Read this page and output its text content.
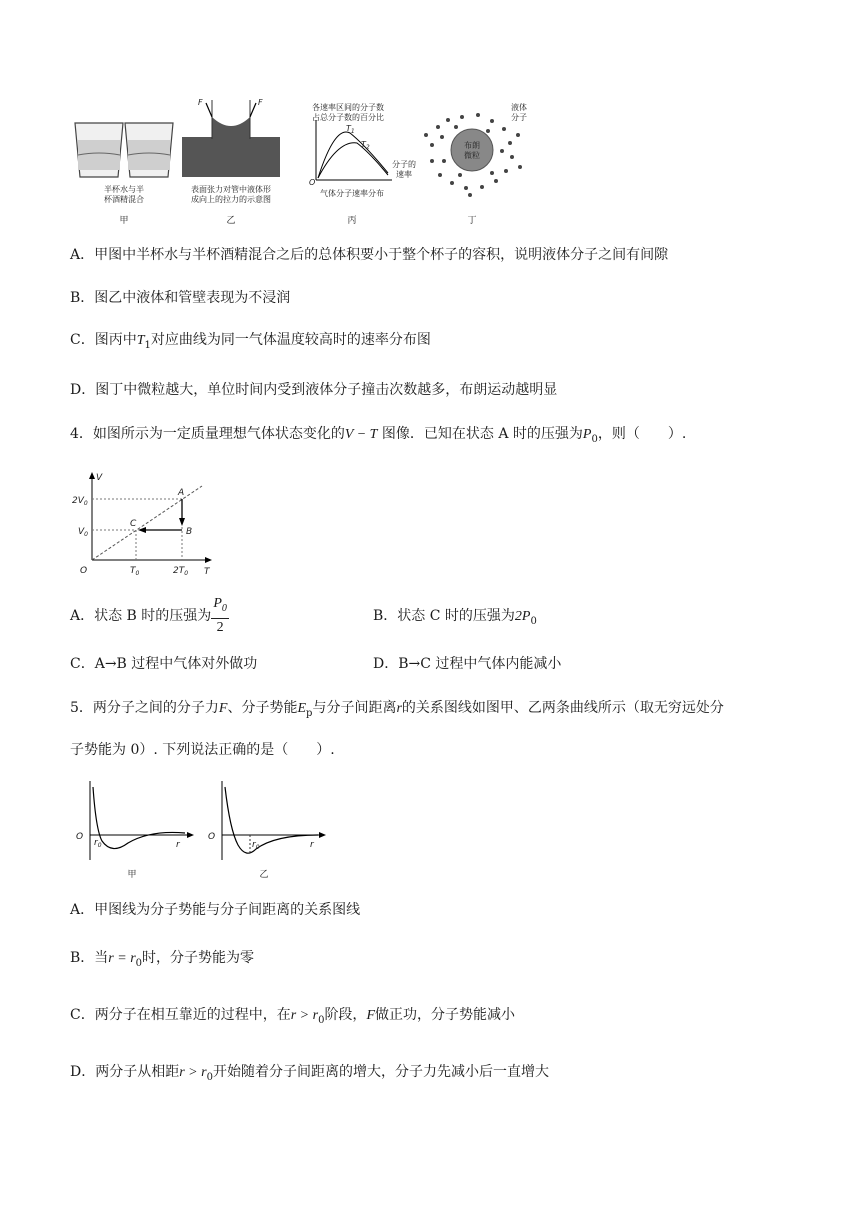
半杯水与半
杯酒精混合
甲
F	F
表面张力对管中液体形
成向上的拉力的示意图
乙
各速率区间的分子数
占总分子数的百分比
$T_1$
$T_2$
分子的
速率
O
气体分子速率分布
丙
布朗
微粒
液体
分子
丁
A．甲图中半杯水与半杯酒精混合之后的总体积要小于整个杯子的容积，说明液体分子之间有间隙
B．图乙中液体和管壁表现为不浸润
C．图丙中$T_1$对应曲线为同一气体温度较高时的速率分布图
D．图丁中微粒越大，单位时间内受到液体分子撞击次数越多，布朗运动越明显
4．如图所示为一定质量理想气体状态变化的V − T 图像．已知在状态 A 时的压强为$P_0$，则（　　）.
V
T
O
$2V_0$
$V_0$
$T_0$	$2T_0$
A
B
C
A．状态 B 时的压强为 $\frac{P_0}{2}$	B．状态 C 时的压强为$2P_0$
C．A→B 过程中气体对外做功	D．B→C 过程中气体内能减小
5．两分子之间的分子力F、分子势能$E_p$与分子间距离r的关系图线如图甲、乙两条曲线所示（取无穷远处分
子势能为 0）. 下列说法正确的是（　　）.
O
$r_0$	r
甲
O
$r_0$	r
乙
A．甲图线为分子势能与分子间距离的关系图线
B．当$r = r_0$时，分子势能为零
C．两分子在相互靠近的过程中，在$r > r_0$阶段，F做正功，分子势能减小
D．两分子从相距$r > r_0$开始随着分子间距离的增大，分子力先减小后一直增大
